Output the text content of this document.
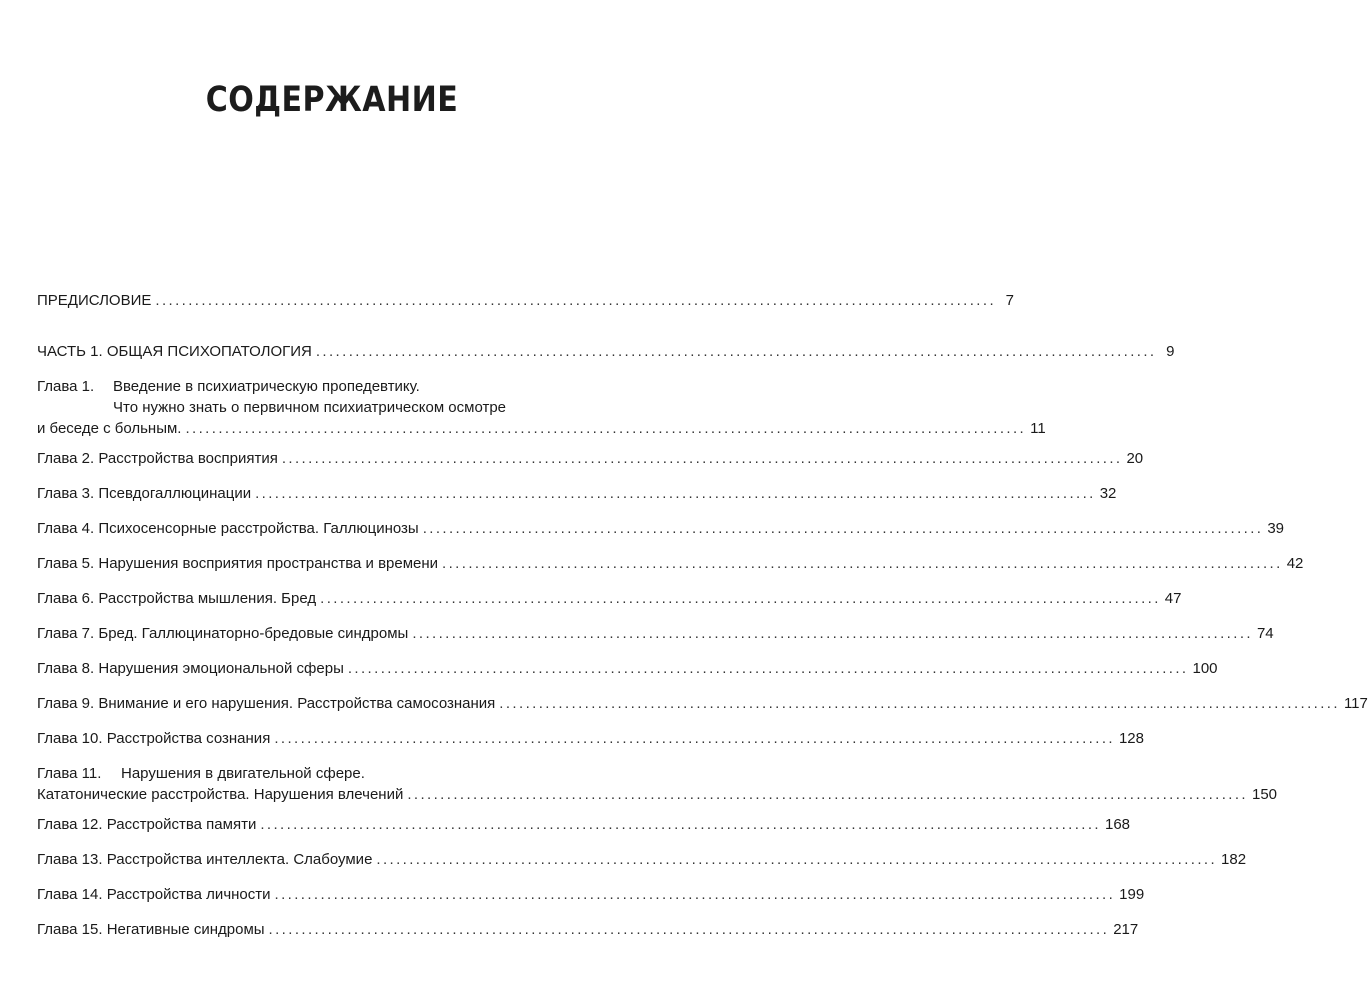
СОДЕРЖАНИЕ
ПРЕДИСЛОВИЕ ................................................................................................................................ 7
ЧАСТЬ 1. ОБЩАЯ ПСИХОПАТОЛОГИЯ ................................................................................................................................ 9
Глава 1. Введение в психиатрическую пропедевтику.
Что нужно знать о первичном психиатрическом осмотре
и беседе с больным. ................................................................................................................................ 11
Глава 2. Расстройства восприятия ................................................................................................................................ 20
Глава 3. Псевдогаллюцинации ................................................................................................................................ 32
Глава 4. Психосенсорные расстройства. Галлюцинозы ................................................................................................................................ 39
Глава 5. Нарушения восприятия пространства и времени ................................................................................................................................ 42
Глава 6. Расстройства мышления. Бред ................................................................................................................................ 47
Глава 7. Бред. Галлюцинаторно-бредовые синдромы ................................................................................................................................ 74
Глава 8. Нарушения эмоциональной сферы ................................................................................................................................ 100
Глава 9. Внимание и его нарушения. Расстройства самосознания ................................................................................................................................ 117
Глава 10. Расстройства сознания ................................................................................................................................ 128
Глава 11. Нарушения в двигательной сфере.
Кататонические расстройства. Нарушения влечений ................................................................................................................................ 150
Глава 12. Расстройства памяти ................................................................................................................................ 168
Глава 13. Расстройства интеллекта. Слабоумие ................................................................................................................................ 182
Глава 14. Расстройства личности ................................................................................................................................ 199
Глава 15. Негативные синдромы ................................................................................................................................ 217
